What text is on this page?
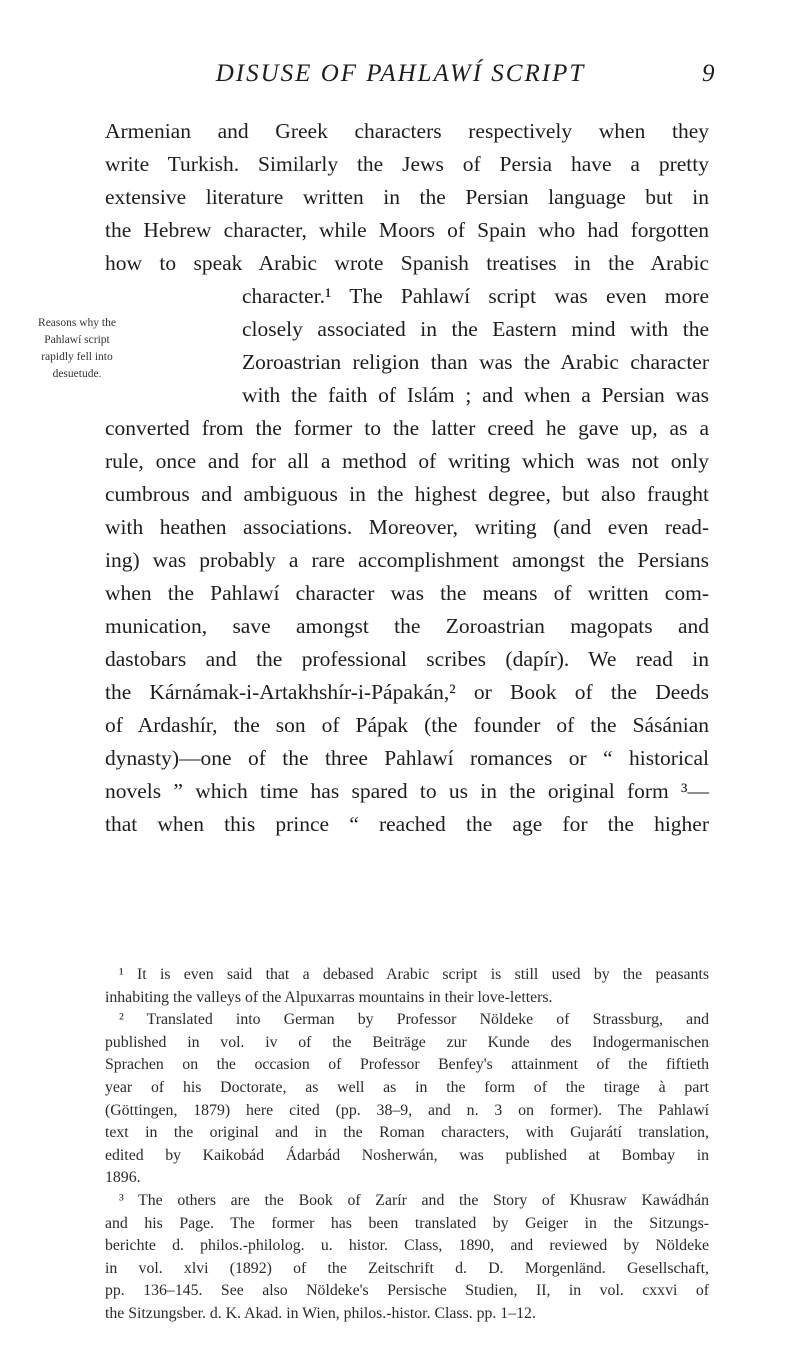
DISUSE OF PAHLAWÍ SCRIPT	9
Reasons why the
Pahlawí script
rapidly fell into
desuetude.
Armenian and Greek characters respectively when they
write Turkish. Similarly the Jews of Persia have a pretty
extensive literature written in the Persian language but in
the Hebrew character, while Moors of Spain who had forgotten
how to speak Arabic wrote Spanish treatises in the Arabic
character.¹ The Pahlawí script was even more
closely associated in the Eastern mind with the
Zoroastrian religion than was the Arabic character
with the faith of Islám ; and when a Persian was
converted from the former to the latter creed he gave up, as a
rule, once and for all a method of writing which was not only
cumbrous and ambiguous in the highest degree, but also fraught
with heathen associations. Moreover, writing (and even read-
ing) was probably a rare accomplishment amongst the Persians
when the Pahlawí character was the means of written com-
munication, save amongst the Zoroastrian magopats and
dastobars and the professional scribes (dapír). We read in
the Kárnámak-i-Artakhshír-i-Pápakán,² or Book of the Deeds
of Ardashír, the son of Pápak (the founder of the Sásánian
dynasty)—one of the three Pahlawí romances or “ historical
novels ” which time has spared to us in the original form ³—
that when this prince “ reached the age for the higher
¹ It is even said that a debased Arabic script is still used by the peasants
inhabiting the valleys of the Alpuxarras mountains in their love-letters.
² Translated into German by Professor Nöldeke of Strassburg, and
published in vol. iv of the Beiträge zur Kunde des Indogermanischen
Sprachen on the occasion of Professor Benfey's attainment of the fiftieth
year of his Doctorate, as well as in the form of the tirage à part
(Göttingen, 1879) here cited (pp. 38–9, and n. 3 on former). The Pahlawí
text in the original and in the Roman characters, with Gujarátí translation,
edited by Kaikobád Ádarbád Nosherwán, was published at Bombay in
1896.
³ The others are the Book of Zarír and the Story of Khusraw Kawádhán
and his Page. The former has been translated by Geiger in the Sitzungs-
berichte d. philos.-philolog. u. histor. Class, 1890, and reviewed by Nöldeke
in vol. xlvi (1892) of the Zeitschrift d. D. Morgenländ. Gesellschaft,
pp. 136–145. See also Nöldeke's Persische Studien, II, in vol. cxxvi of
the Sitzungsber. d. K. Akad. in Wien, philos.-histor. Class. pp. 1–12.
